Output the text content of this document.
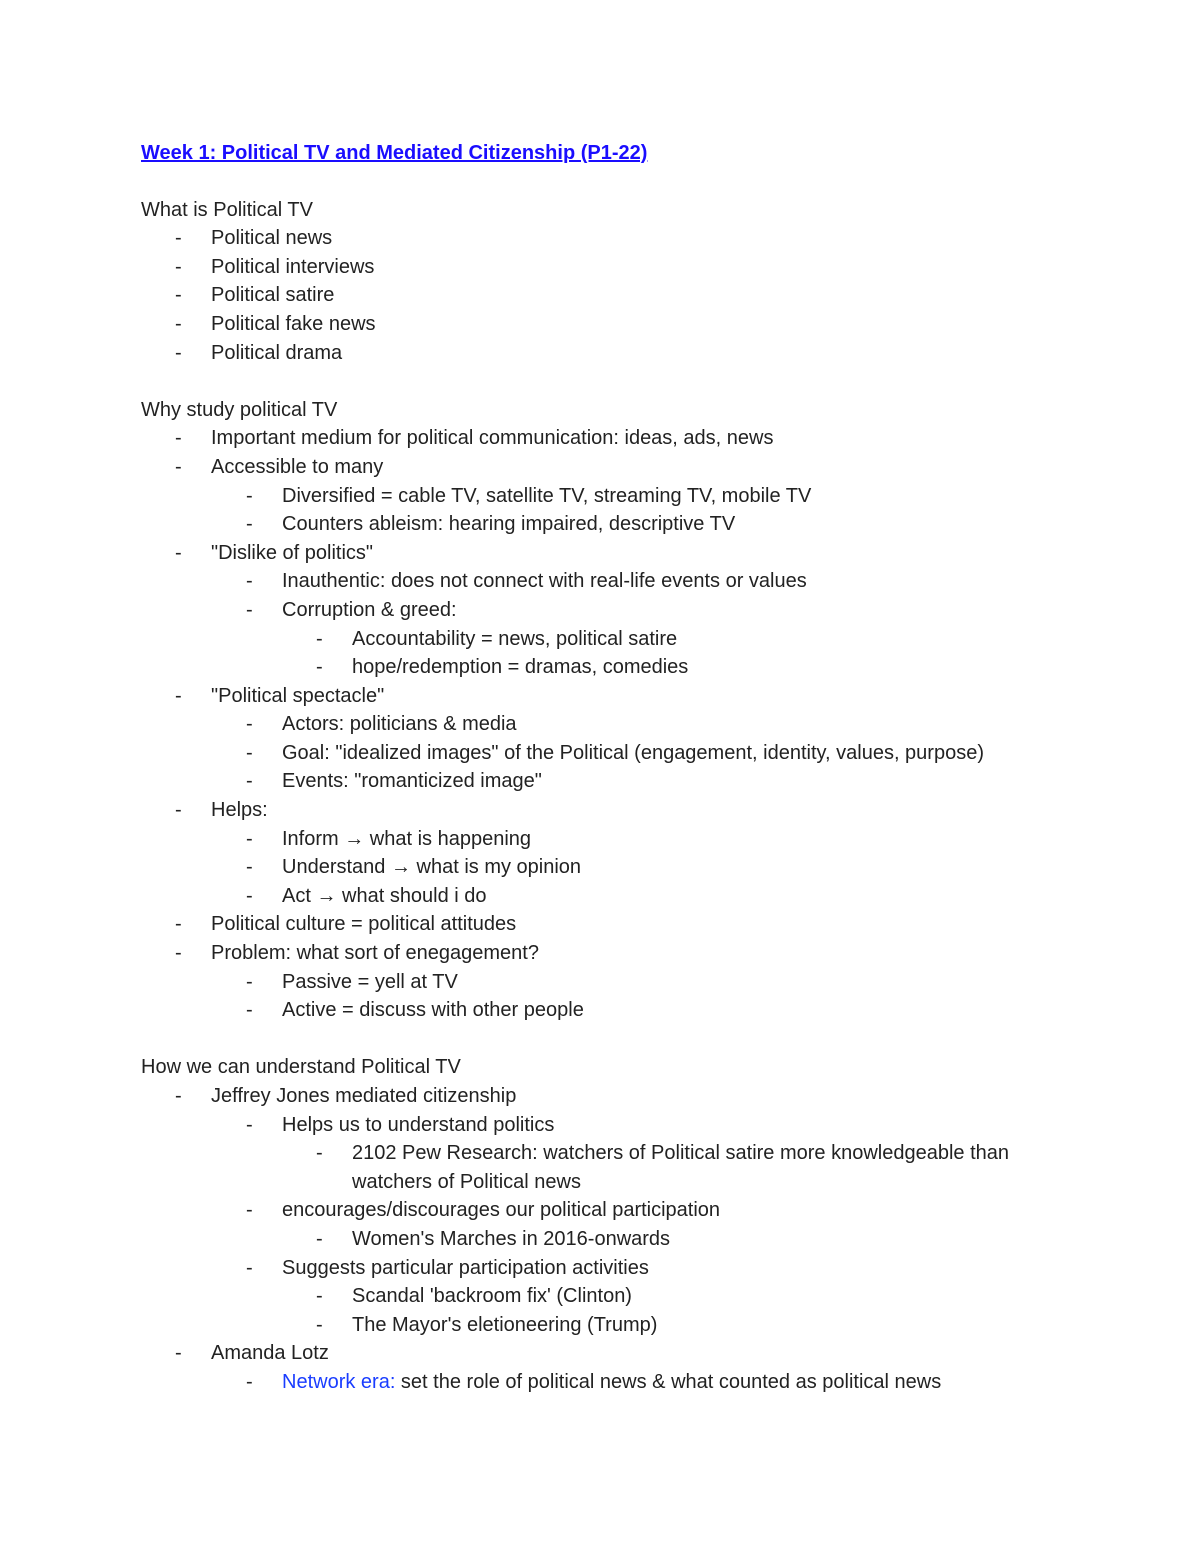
Week 1: Political TV and Mediated Citizenship (P1-22)
What is Political TV
- Political news
- Political interviews
- Political satire
- Political fake news
- Political drama
Why study political TV
- Important medium for political communication: ideas, ads, news
- Accessible to many
- Diversified = cable TV, satellite TV, streaming TV, mobile TV
- Counters ableism: hearing impaired, descriptive TV
- "Dislike of politics"
- Inauthentic: does not connect with real-life events or values
- Corruption & greed:
- Accountability = news, political satire
- hope/redemption = dramas, comedies
- "Political spectacle"
- Actors: politicians & media
- Goal: "idealized images" of the Political (engagement, identity, values, purpose)
- Events: "romanticized image"
- Helps:
- Inform → what is happening
- Understand → what is my opinion
- Act → what should i do
- Political culture = political attitudes
- Problem: what sort of enegagement?
- Passive = yell at TV
- Active = discuss with other people
How we can understand Political TV
- Jeffrey Jones mediated citizenship
- Helps us to understand politics
- 2102 Pew Research: watchers of Political satire more knowledgeable than watchers of Political news
- encourages/discourages our political participation
- Women's Marches in 2016-onwards
- Suggests particular participation activities
- Scandal 'backroom fix' (Clinton)
- The Mayor's eletioneering (Trump)
- Amanda Lotz
- Network era: set the role of political news & what counted as political news
